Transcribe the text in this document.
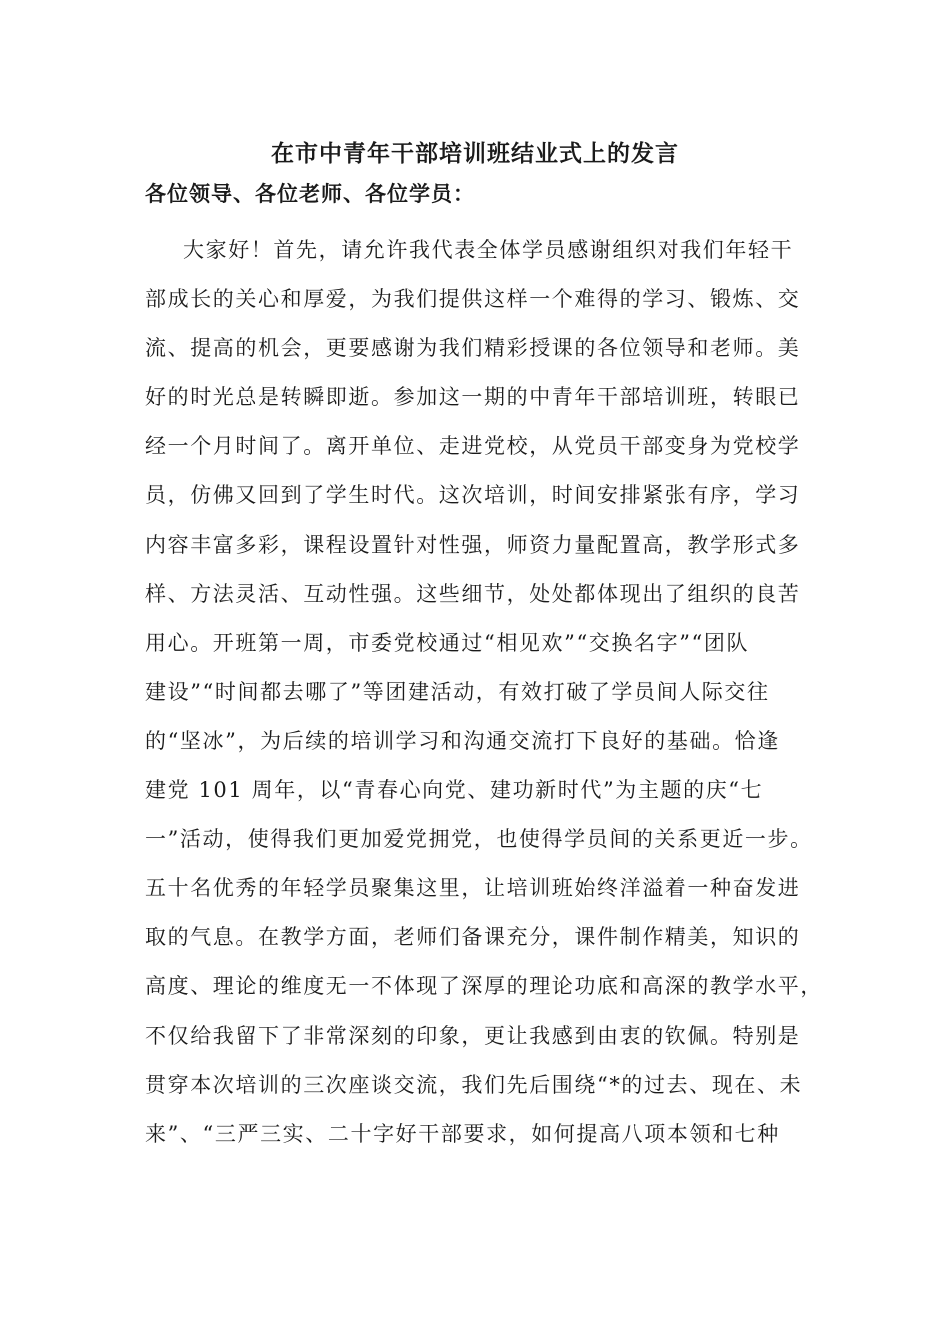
在市中青年干部培训班结业式上的发言

各位领导、各位老师、各位学员：

大家好！首先，请允许我代表全体学员感谢组织对我们年轻干
部成长的关心和厚爱，为我们提供这样一个难得的学习、锻炼、交
流、提高的机会，更要感谢为我们精彩授课的各位领导和老师。美
好的时光总是转瞬即逝。参加这一期的中青年干部培训班，转眼已
经一个月时间了。离开单位、走进党校，从党员干部变身为党校学
员，仿佛又回到了学生时代。这次培训，时间安排紧张有序，学习
内容丰富多彩，课程设置针对性强，师资力量配置高，教学形式多
样、方法灵活、互动性强。这些细节，处处都体现出了组织的良苦
用心。开班第一周，市委党校通过“相见欢”“交换名字”“团队
建设”“时间都去哪了”等团建活动，有效打破了学员间人际交往
的“坚冰”，为后续的培训学习和沟通交流打下良好的基础。恰逢
建党 101 周年，以“青春心向党、建功新时代”为主题的庆“七
一”活动，使得我们更加爱党拥党，也使得学员间的关系更近一步。
五十名优秀的年轻学员聚集这里，让培训班始终洋溢着一种奋发进
取的气息。在教学方面，老师们备课充分，课件制作精美，知识的
高度、理论的维度无一不体现了深厚的理论功底和高深的教学水平，
不仅给我留下了非常深刻的印象，更让我感到由衷的钦佩。特别是
贯穿本次培训的三次座谈交流，我们先后围绕“*的过去、现在、未
来”、“三严三实、二十字好干部要求，如何提高八项本领和七种
